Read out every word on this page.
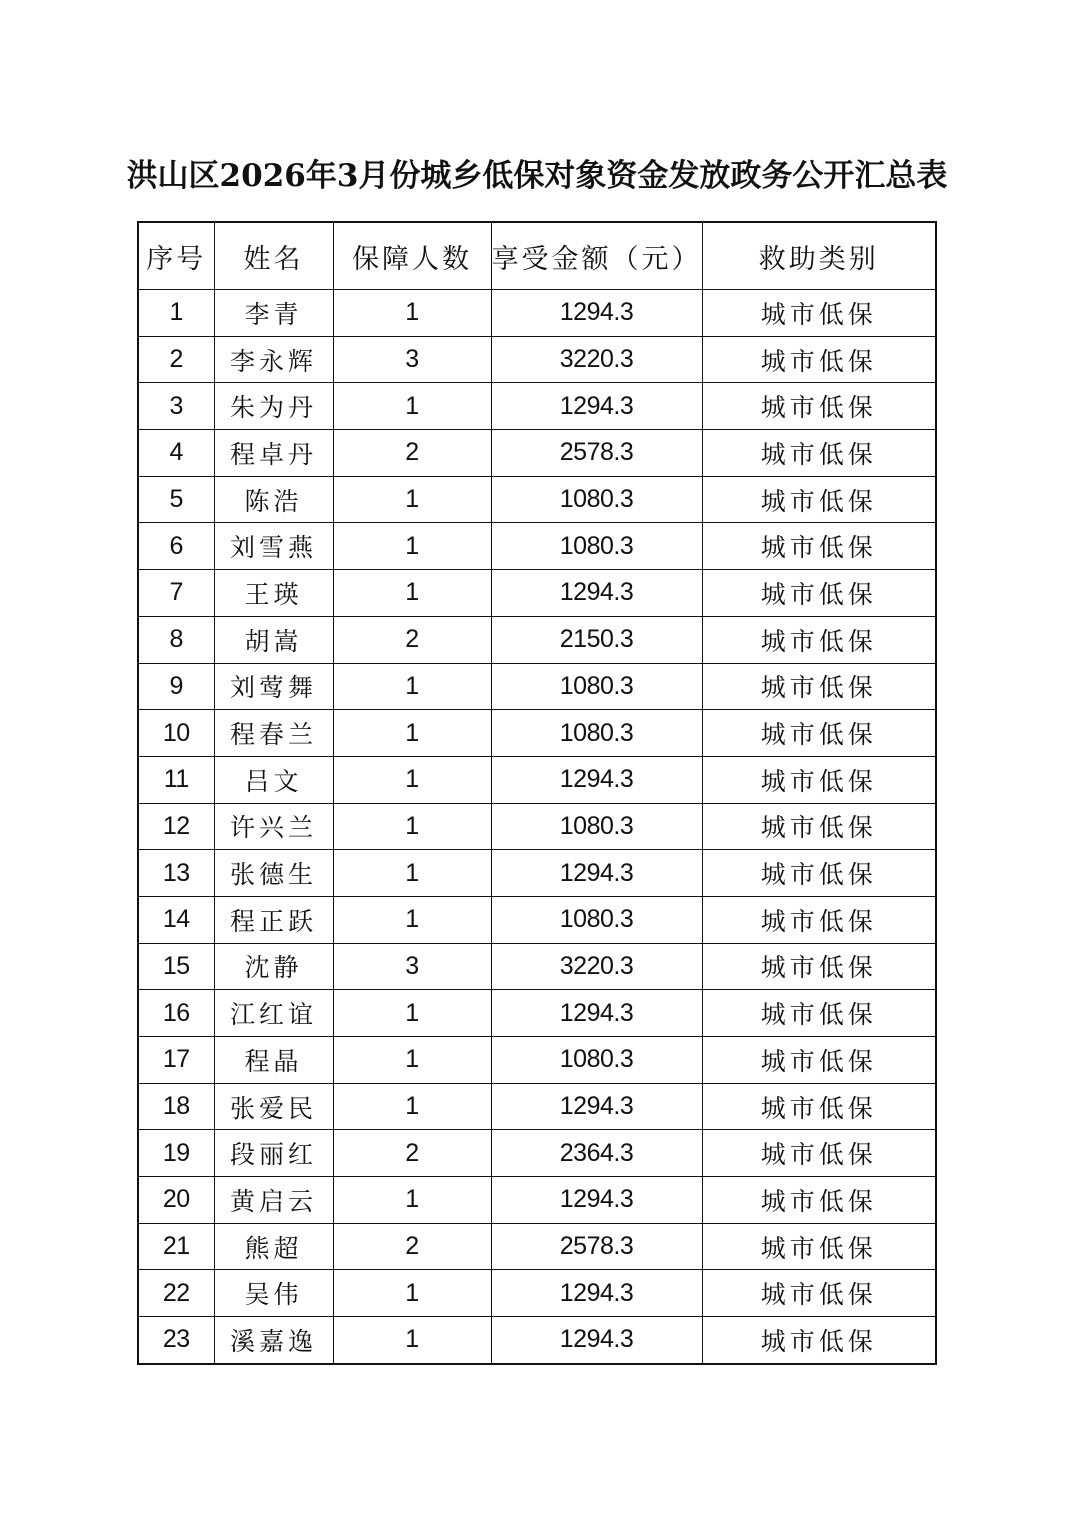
洪山区2026年3月份城乡低保对象资金发放政务公开汇总表
序号	姓名	保障人数	享受金额（元）	救助类别
1	李青	1	1294.3	城市低保
2	李永辉	3	3220.3	城市低保
3	朱为丹	1	1294.3	城市低保
4	程卓丹	2	2578.3	城市低保
5	陈浩	1	1080.3	城市低保
6	刘雪燕	1	1080.3	城市低保
7	王瑛	1	1294.3	城市低保
8	胡嵩	2	2150.3	城市低保
9	刘莺舞	1	1080.3	城市低保
10	程春兰	1	1080.3	城市低保
11	吕文	1	1294.3	城市低保
12	许兴兰	1	1080.3	城市低保
13	张德生	1	1294.3	城市低保
14	程正跃	1	1080.3	城市低保
15	沈静	3	3220.3	城市低保
16	江红谊	1	1294.3	城市低保
17	程晶	1	1080.3	城市低保
18	张爱民	1	1294.3	城市低保
19	段丽红	2	2364.3	城市低保
20	黄启云	1	1294.3	城市低保
21	熊超	2	2578.3	城市低保
22	吴伟	1	1294.3	城市低保
23	溪嘉逸	1	1294.3	城市低保
